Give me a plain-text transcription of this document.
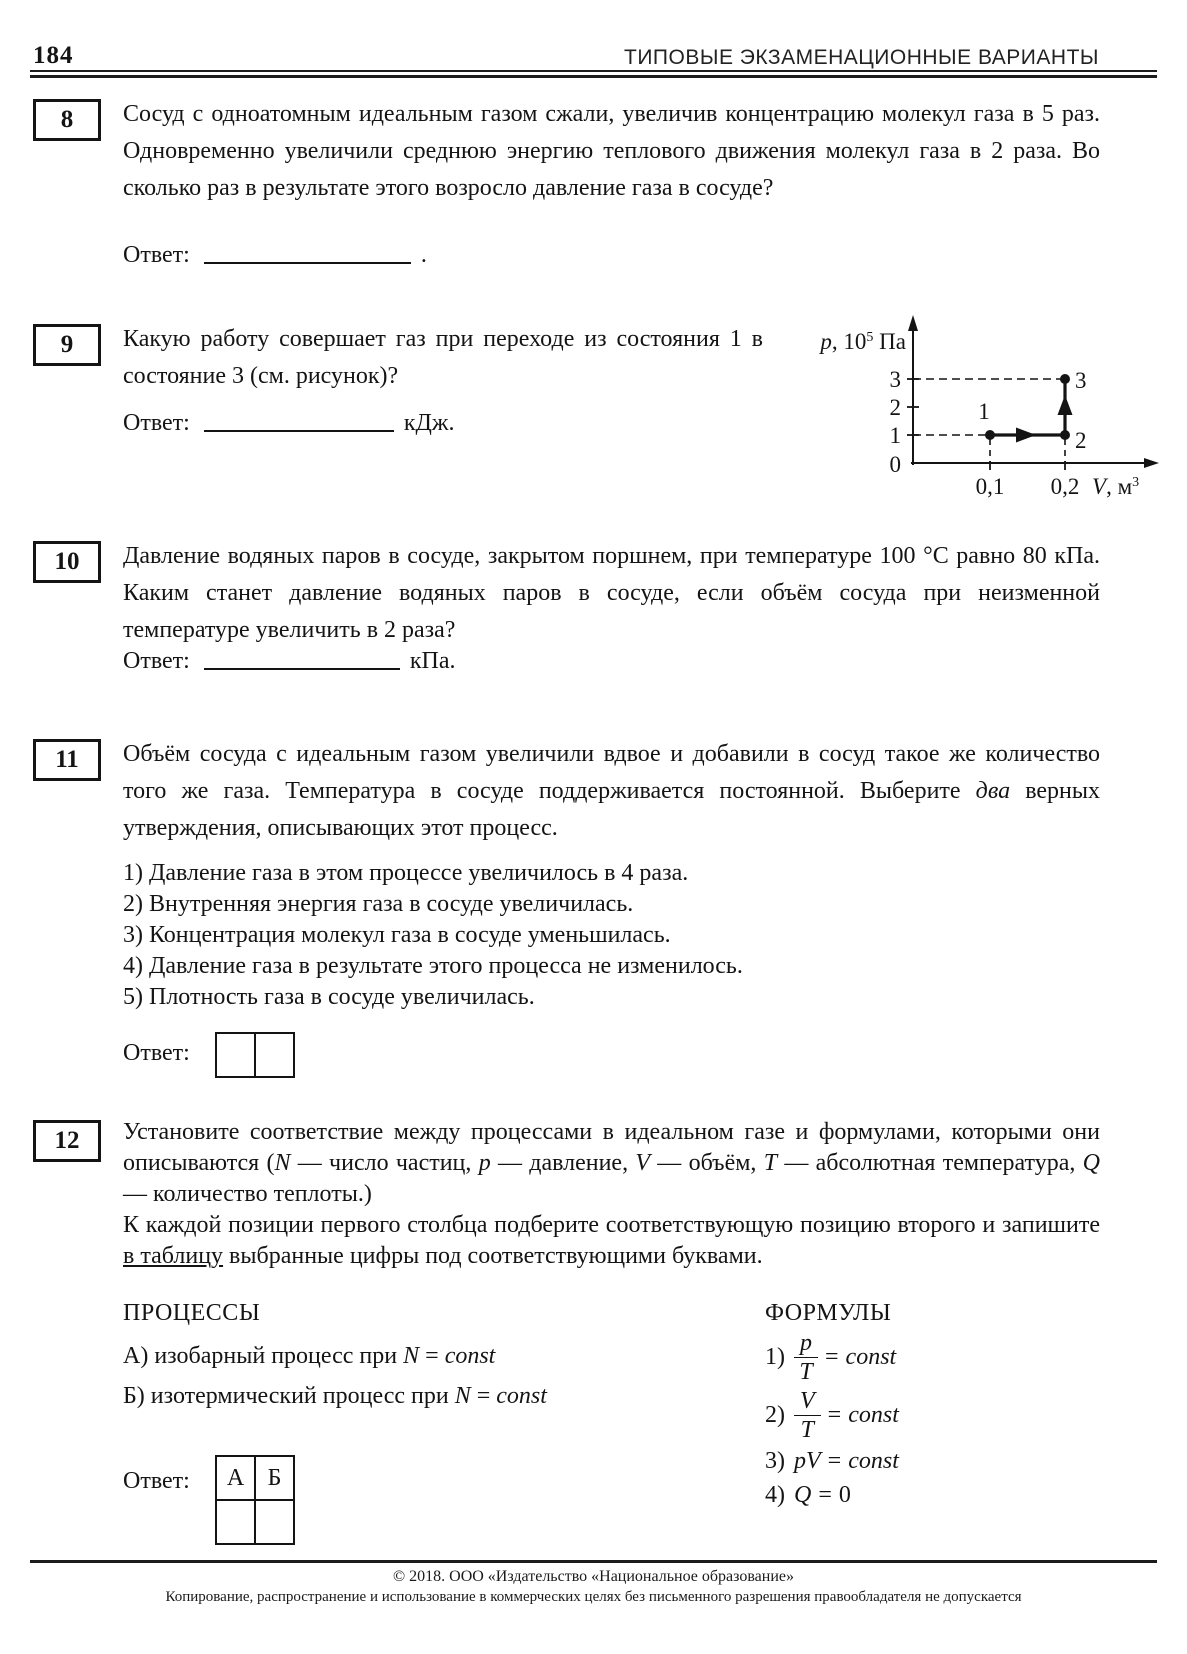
184	ТИПОВЫЕ ЭКЗАМЕНАЦИОННЫЕ ВАРИАНТЫ
8 Сосуд с одноатомным идеальным газом сжали, увеличив концентрацию молекул газа в 5 раз. Одновременно увеличили среднюю энергию теплового движения молекул газа в 2 раза. Во сколько раз в результате этого возросло давление газа в сосуде?
Ответ:	.
9 Какую работу совершает газ при переходе из состояния 1 в состояние 3 (см. рисунок)?
Ответ:	кДж.
p, $10^5$ Па
V, $м^3$
3
2
1
0
0,1 0,2
1
2
3
10 Давление водяных паров в сосуде, закрытом поршнем, при температуре 100 °С равно 80 кПа. Каким станет давление водяных паров в сосуде, если объём сосуда при неизменной температуре увеличить в 2 раза?
Ответ:	кПа.
11 Объём сосуда с идеальным газом увеличили вдвое и добавили в сосуд такое же количество того же газа. Температура в сосуде поддерживается постоянной. Выберите два верных утверждения, описывающих этот процесс.
1) Давление газа в этом процессе увеличилось в 4 раза.
2) Внутренняя энергия газа в сосуде увеличилась.
3) Концентрация молекул газа в сосуде уменьшилась.
4) Давление газа в результате этого процесса не изменилось.
5) Плотность газа в сосуде увеличилась.
Ответ:

12 Установите соответствие между процессами в идеальном газе и формулами, которыми они описываются (N — число частиц, p — давление, V — объём, T — абсолютная температура, Q — количество теплоты.)

К каждой позиции первого столбца подберите соответствующую позицию второго и запишите в таблицу выбранные цифры под соответствующими буквами.

ПРОЦЕССЫ
А) изобарный процесс при N = const
Б) изотермический процесс при N = const
ФОРМУЛЫ
$1) \frac{p}{T}$ = const
$2) \frac{V}{T}$ = const
3) pV = const
4) Q = 0
Ответ: А	Б

© 2018. ООО «Издательство «Национальное образование»
Копирование, распространение и использование в коммерческих целях без письменного разрешения правообладателя не допускается
